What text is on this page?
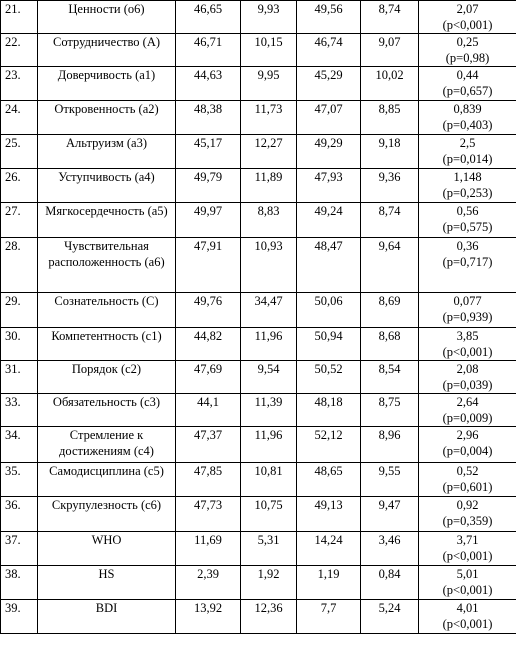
21.	Ценности (о6)	46,65	9,93	49,56	8,74	2,07
(p<0,001)

22.	Сотрудничество (А)	46,71	10,15	46,74	9,07	0,25
(p=0,98)

23.	Доверчивость (а1)	44,63	9,95	45,29	10,02	0,44
(p=0,657)

24.	Откровенность (а2)	48,38	11,73	47,07	8,85	0,839
(p=0,403)

25.	Альтруизм (а3)	45,17	12,27	49,29	9,18	2,5
(p=0,014)

26.	Уступчивость (а4)	49,79	11,89	47,93	9,36	1,148
(p=0,253)

27.	Мягкосердечность (а5)	49,97	8,83	49,24	8,74	0,56
(p=0,575)

28.	Чувствительная расположенность (а6)	47,91	10,93	48,47	9,64	0,36
(p=0,717)

29.	Сознательность (С)	49,76	34,47	50,06	8,69	0,077
(p=0,939)

30.	Компетентность (с1)	44,82	11,96	50,94	8,68	3,85
(p<0,001)

31.	Порядок (с2)	47,69	9,54	50,52	8,54	2,08
(p=0,039)

33.	Обязательность (с3)	44,1	11,39	48,18	8,75	2,64
(p=0,009)

34.	Стремление к достижениям (с4)	47,37	11,96	52,12	8,96	2,96
(p=0,004)

35.	Самодисциплина (с5)	47,85	10,81	48,65	9,55	0,52
(p=0,601)

36.	Скрупулезность (с6)	47,73	10,75	49,13	9,47	0,92
(p=0,359)

37.	WHO	11,69	5,31	14,24	3,46	3,71
(p<0,001)

38.	HS	2,39	1,92	1,19	0,84	5,01
(p<0,001)

39.	BDI	13,92	12,36	7,7	5,24	4,01
(p<0,001)
